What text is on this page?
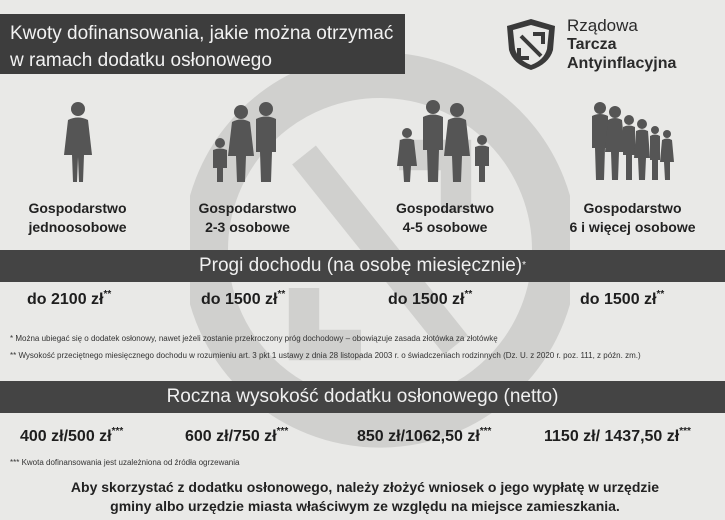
Kwoty dofinansowania, jakie można otrzymać
w ramach dodatku osłonowego
Rządowa
Tarcza
Antyinflacyjna
Gospodarstwo
jednoosobowe
Gospodarstwo
2-3 osobowe
Gospodarstwo
4-5 osobowe
Gospodarstwo
6 i więcej osobowe
Progi dochodu (na osobę miesięcznie)*
do 2100 zł**	do 1500 zł**	do 1500 zł**	do 1500 zł**
* Można ubiegać się o dodatek osłonowy, nawet jeżeli zostanie przekroczony próg dochodowy – obowiązuje zasada złotówka za złotówkę
** Wysokość przeciętnego miesięcznego dochodu w rozumieniu art. 3 pkt 1 ustawy z dnia 28 listopada 2003 r. o świadczeniach rodzinnych (Dz. U. z 2020 r. poz. 111, z późn. zm.)
Roczna wysokość dodatku osłonowego (netto)
400 zł/500 zł***	600 zł/750 zł***	850 zł/1062,50 zł***	1150 zł/ 1437,50 zł***
*** Kwota dofinansowania jest uzależniona od źródła ogrzewania
Aby skorzystać z dodatku osłonowego, należy złożyć wniosek o jego wypłatę w urzędzie
gminy albo urzędzie miasta właściwym ze względu na miejsce zamieszkania.
